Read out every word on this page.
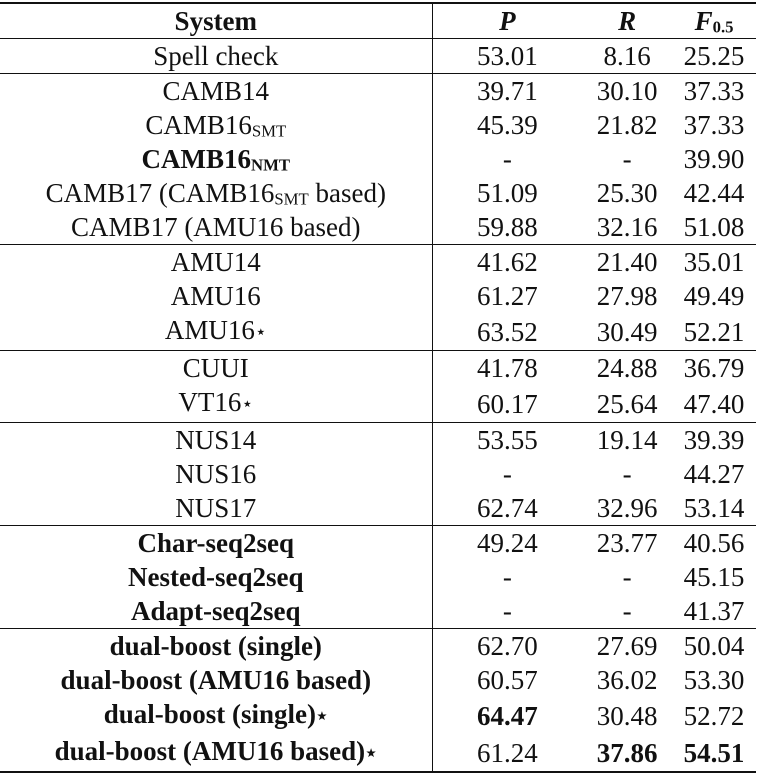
System	P	R	$F_{0.5}$
Spell check	53.01	8.16	25.25
CAMB14	39.71	30.10	37.33
$CAMB16_{SMT}$	45.39	21.82	37.33
$CAMB16_{NMT}$	-	-	39.90
CAMB17 ($CAMB16_{SMT}$ based)	51.09	25.30	42.44
CAMB17 (AMU16 based)	59.88	32.16	51.08
AMU14	41.62	21.40	35.01
AMU16	61.27	27.98	49.49
AMU16⋆	63.52	30.49	52.21
CUUI	41.78	24.88	36.79
VT16⋆	60.17	25.64	47.40
NUS14	53.55	19.14	39.39
NUS16	-	-	44.27
NUS17	62.74	32.96	53.14
Char-seq2seq	49.24	23.77	40.56
Nested-seq2seq	-	-	45.15
Adapt-seq2seq	-	-	41.37
dual-boost (single)	62.70	27.69	50.04
dual-boost (AMU16 based)	60.57	36.02	53.30
dual-boost (single)⋆	64.47	30.48	52.72
dual-boost (AMU16 based)⋆	61.24	37.86	54.51
